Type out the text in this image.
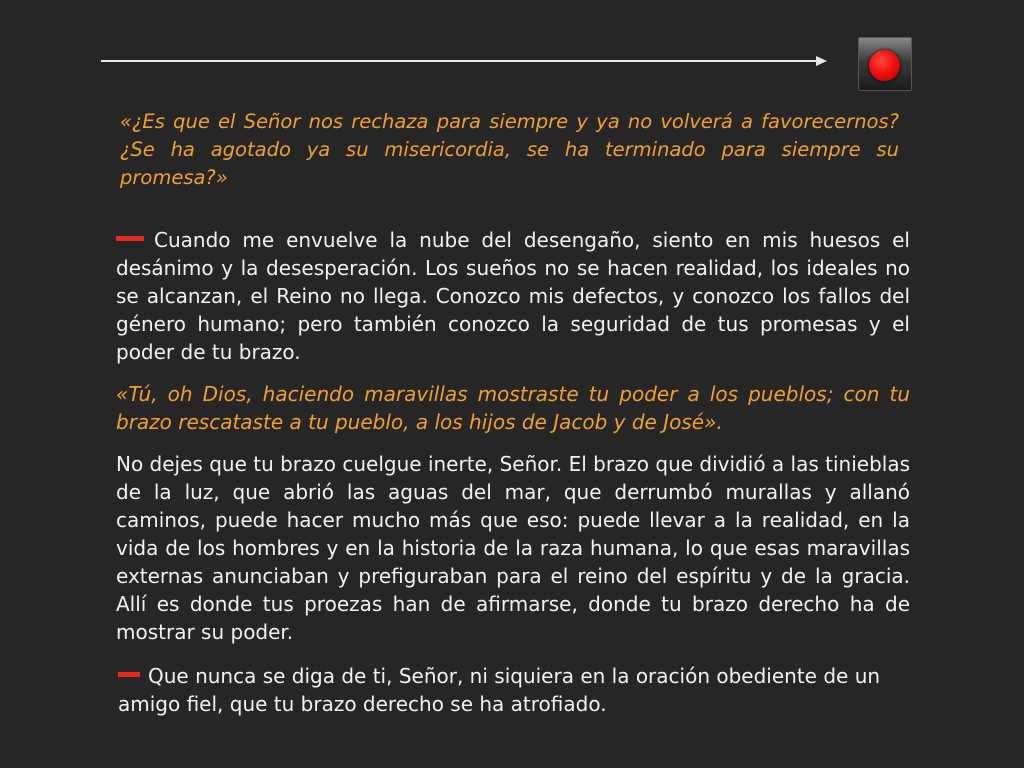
«¿Es que el Señor nos rechaza para siempre y ya no volverá a favorecernos? ¿Se ha agotado ya su misericordia, se ha terminado para siempre su promesa?»

Cuando me envuelve la nube del desengaño, siento en mis huesos el desánimo y la desesperación. Los sueños no se hacen realidad, los ideales no se alcanzan, el Reino no llega. Conozco mis defectos, y conozco los fallos del género humano; pero también conozco la seguridad de tus promesas y el poder de tu brazo.

«Tú, oh Dios, haciendo maravillas mostraste tu poder a los pueblos; con tu brazo rescataste a tu pueblo, a los hijos de Jacob y de José».

No dejes que tu brazo cuelgue inerte, Señor. El brazo que dividió a las tinieblas de la luz, que abrió las aguas del mar, que derrumbó murallas y allanó caminos, puede hacer mucho más que eso: puede llevar a la realidad, en la vida de los hombres y en la historia de la raza humana, lo que esas maravillas externas anunciaban y prefiguraban para el reino del espíritu y de la gracia. Allí es donde tus proezas han de afirmarse, donde tu brazo derecho ha de mostrar su poder.

Que nunca se diga de ti, Señor, ni siquiera en la oración obediente de un amigo fiel, que tu brazo derecho se ha atrofiado.
